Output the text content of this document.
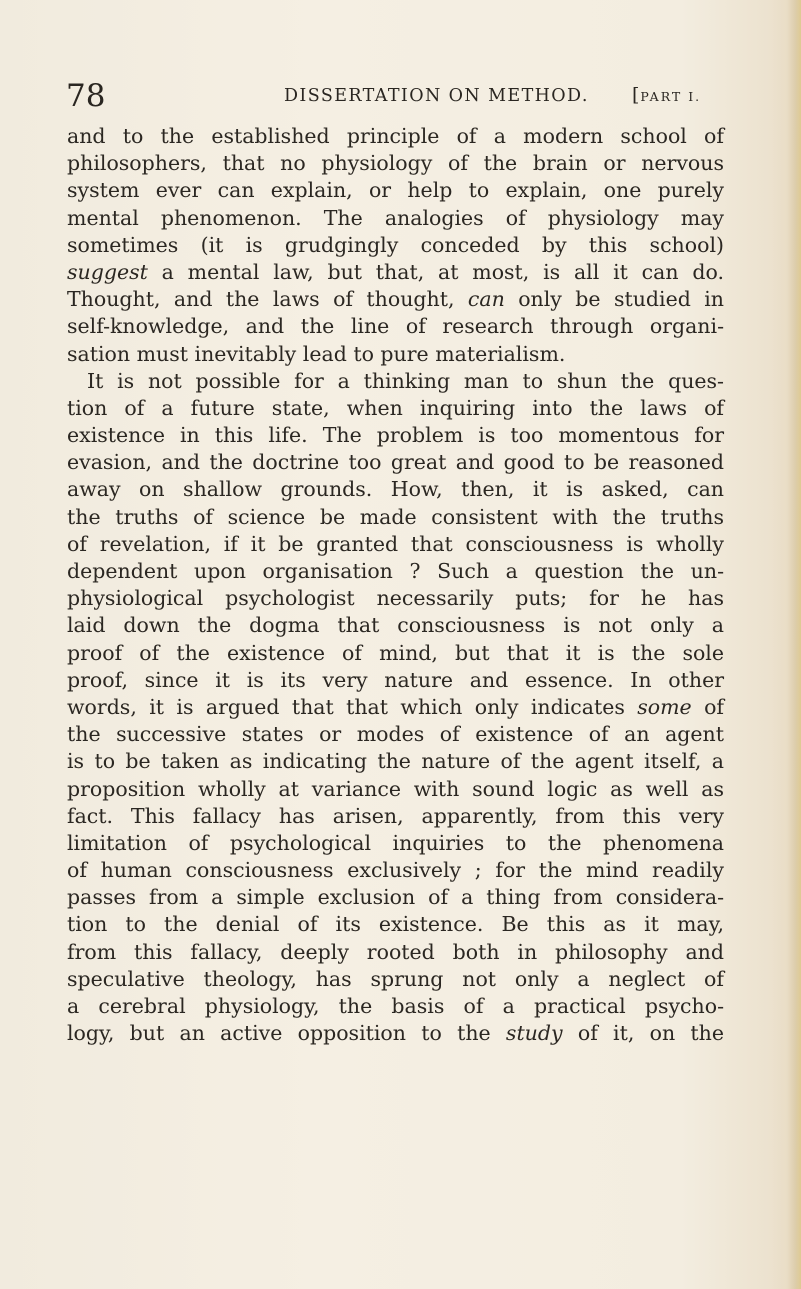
78	DISSERTATION ON METHOD. [PART I.
and to the established principle of a modern school of
philosophers, that no physiology of the brain or nervous
system ever can explain, or help to explain, one purely
mental phenomenon. The analogies of physiology may
sometimes (it is grudgingly conceded by this school)
suggest a mental law, but that, at most, is all it can do.
Thought, and the laws of thought, can only be studied in
self-knowledge, and the line of research through organi-
sation must inevitably lead to pure materialism.
It is not possible for a thinking man to shun the ques-
tion of a future state, when inquiring into the laws of
existence in this life. The problem is too momentous for
evasion, and the doctrine too great and good to be reasoned
away on shallow grounds. How, then, it is asked, can
the truths of science be made consistent with the truths
of revelation, if it be granted that consciousness is wholly
dependent upon organisation ? Such a question the un-
physiological psychologist necessarily puts; for he has
laid down the dogma that consciousness is not only a
proof of the existence of mind, but that it is the sole
proof, since it is its very nature and essence. In other
words, it is argued that that which only indicates some of
the successive states or modes of existence of an agent
is to be taken as indicating the nature of the agent itself, a
proposition wholly at variance with sound logic as well as
fact. This fallacy has arisen, apparently, from this very
limitation of psychological inquiries to the phenomena
of human consciousness exclusively ; for the mind readily
passes from a simple exclusion of a thing from considera-
tion to the denial of its existence. Be this as it may,
from this fallacy, deeply rooted both in philosophy and
speculative theology, has sprung not only a neglect of
a cerebral physiology, the basis of a practical psycho-
logy, but an active opposition to the study of it, on the
